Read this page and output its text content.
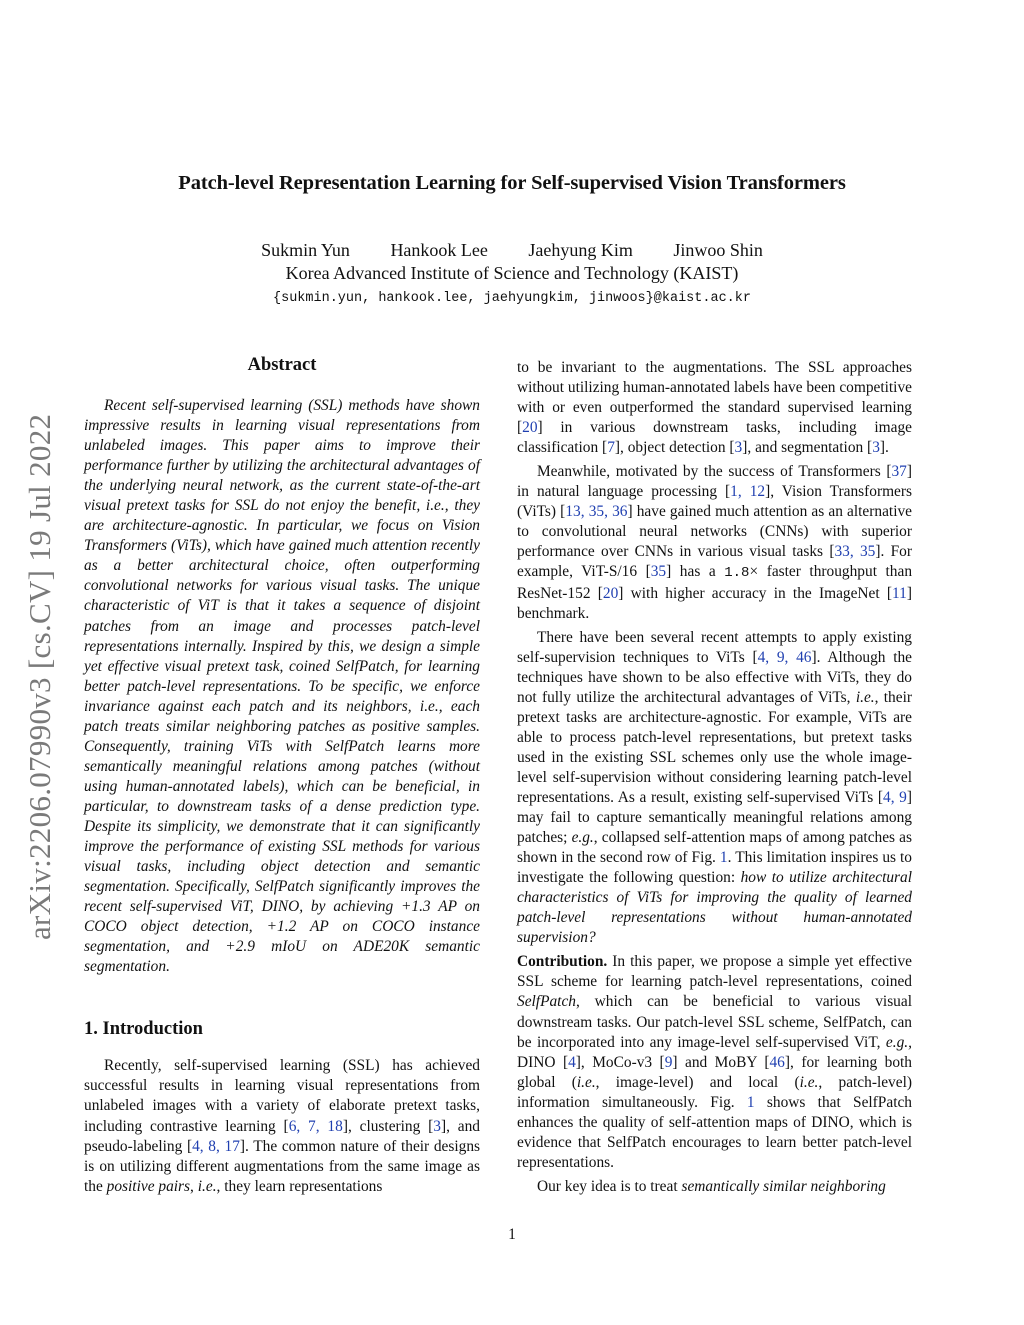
arXiv:2206.07990v3 [cs.CV] 19 Jul 2022
Patch-level Representation Learning for Self-supervised Vision Transformers
Sukmin Yun Hankook Lee Jaehyung Kim Jinwoo Shin
Korea Advanced Institute of Science and Technology (KAIST)
{sukmin.yun, hankook.lee, jaehyungkim, jinwoos}@kaist.ac.kr
Abstract

Recent self-supervised learning (SSL) methods have shown impressive results in learning visual representations from unlabeled images. This paper aims to improve their performance further by utilizing the architectural advantages of the underlying neural network, as the current state-of-the-art visual pretext tasks for SSL do not enjoy the benefit, i.e., they are architecture-agnostic. In particular, we focus on Vision Transformers (ViTs), which have gained much attention recently as a better architectural choice, often outperforming convolutional networks for various visual tasks. The unique characteristic of ViT is that it takes a sequence of disjoint patches from an image and processes patch-level representations internally. Inspired by this, we design a simple yet effective visual pretext task, coined SelfPatch, for learning better patch-level representations. To be specific, we enforce invariance against each patch and its neighbors, i.e., each patch treats similar neighboring patches as positive samples. Consequently, training ViTs with SelfPatch learns more semantically meaningful relations among patches (without using human-annotated labels), which can be beneficial, in particular, to downstream tasks of a dense prediction type. Despite its simplicity, we demonstrate that it can significantly improve the performance of existing SSL methods for various visual tasks, including object detection and semantic segmentation. Specifically, SelfPatch significantly improves the recent self-supervised ViT, DINO, by achieving +1.3 AP on COCO object detection, +1.2 AP on COCO instance segmentation, and +2.9 mIoU on ADE20K semantic segmentation.

1. Introduction

Recently, self-supervised learning (SSL) has achieved successful results in learning visual representations from unlabeled images with a variety of elaborate pretext tasks, including contrastive learning [6, 7, 18], clustering [3], and pseudo-labeling [4, 8, 17]. The common nature of their designs is on utilizing different augmentations from the same image as the positive pairs, i.e., they learn representations

to be invariant to the augmentations. The SSL approaches without utilizing human-annotated labels have been competitive with or even outperformed the standard supervised learning [20] in various downstream tasks, including image classification [7], object detection [3], and segmentation [3].

Meanwhile, motivated by the success of Transformers [37] in natural language processing [1, 12], Vision Transformers (ViTs) [13, 35, 36] have gained much attention as an alternative to convolutional neural networks (CNNs) with superior performance over CNNs in various visual tasks [33, 35]. For example, ViT-S/16 [35] has a 1.8× faster throughput than ResNet-152 [20] with higher accuracy in the ImageNet [11] benchmark.

There have been several recent attempts to apply existing self-supervision techniques to ViTs [4, 9, 46]. Although the techniques have shown to be also effective with ViTs, they do not fully utilize the architectural advantages of ViTs, i.e., their pretext tasks are architecture-agnostic. For example, ViTs are able to process patch-level representations, but pretext tasks used in the existing SSL schemes only use the whole image-level self-supervision without considering learning patch-level representations. As a result, existing self-supervised ViTs [4, 9] may fail to capture semantically meaningful relations among patches; e.g., collapsed self-attention maps of among patches as shown in the second row of Fig. 1. This limitation inspires us to investigate the following question: how to utilize architectural characteristics of ViTs for improving the quality of learned patch-level representations without human-annotated supervision?

Contribution. In this paper, we propose a simple yet effective SSL scheme for learning patch-level representations, coined SelfPatch, which can be beneficial to various visual downstream tasks. Our patch-level SSL scheme, SelfPatch, can be incorporated into any image-level self-supervised ViT, e.g., DINO [4], MoCo-v3 [9] and MoBY [46], for learning both global (i.e., image-level) and local (i.e., patch-level) information simultaneously. Fig. 1 shows that SelfPatch enhances the quality of self-attention maps of DINO, which is evidence that SelfPatch encourages to learn better patch-level representations.

Our key idea is to treat semantically similar neighboring

1
